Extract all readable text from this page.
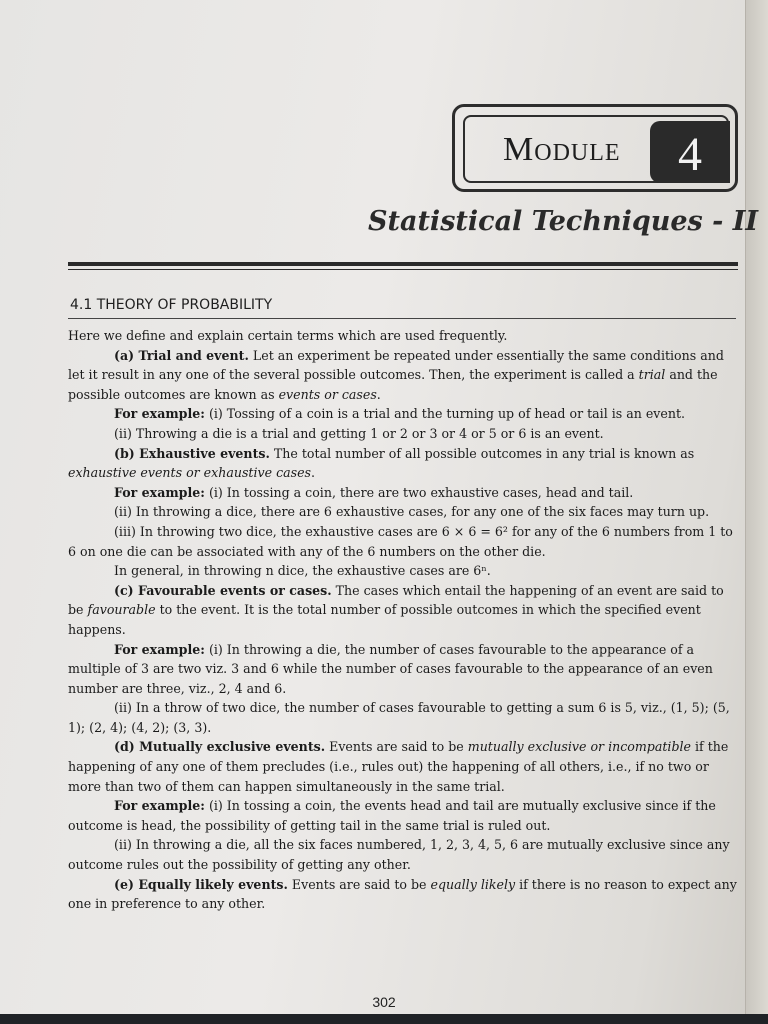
Module	4
Statistical Techniques - II
4.1 THEORY OF PROBABILITY

Here we define and explain certain terms which are used frequently.

(a) Trial and event. Let an experiment be repeated under essentially the same conditions and let it result in any one of the several possible outcomes. Then, the experiment is called a trial and the possible outcomes are known as events or cases.

For example: (i) Tossing of a coin is a trial and the turning up of head or tail is an event.

(ii) Throwing a die is a trial and getting 1 or 2 or 3 or 4 or 5 or 6 is an event.

(b) Exhaustive events. The total number of all possible outcomes in any trial is known as exhaustive events or exhaustive cases.

For example: (i) In tossing a coin, there are two exhaustive cases, head and tail.

(ii) In throwing a dice, there are 6 exhaustive cases, for any one of the six faces may turn up.

(iii) In throwing two dice, the exhaustive cases are 6 × 6 = 6² for any of the 6 numbers from 1 to 6 on one die can be associated with any of the 6 numbers on the other die.

In general, in throwing n dice, the exhaustive cases are 6ⁿ.

(c) Favourable events or cases. The cases which entail the happening of an event are said to be favourable to the event. It is the total number of possible outcomes in which the specified event happens.

For example: (i) In throwing a die, the number of cases favourable to the appearance of a multiple of 3 are two viz. 3 and 6 while the number of cases favourable to the appearance of an even number are three, viz., 2, 4 and 6.

(ii) In a throw of two dice, the number of cases favourable to getting a sum 6 is 5, viz., (1, 5); (5, 1); (2, 4); (4, 2); (3, 3).

(d) Mutually exclusive events. Events are said to be mutually exclusive or incompatible if the happening of any one of them precludes (i.e., rules out) the happening of all others, i.e., if no two or more than two of them can happen simultaneously in the same trial.

For example: (i) In tossing a coin, the events head and tail are mutually exclusive since if the outcome is head, the possibility of getting tail in the same trial is ruled out.

(ii) In throwing a die, all the six faces numbered, 1, 2, 3, 4, 5, 6 are mutually exclusive since any outcome rules out the possibility of getting any other.

(e) Equally likely events. Events are said to be equally likely if there is no reason to expect any one in preference to any other.

302
